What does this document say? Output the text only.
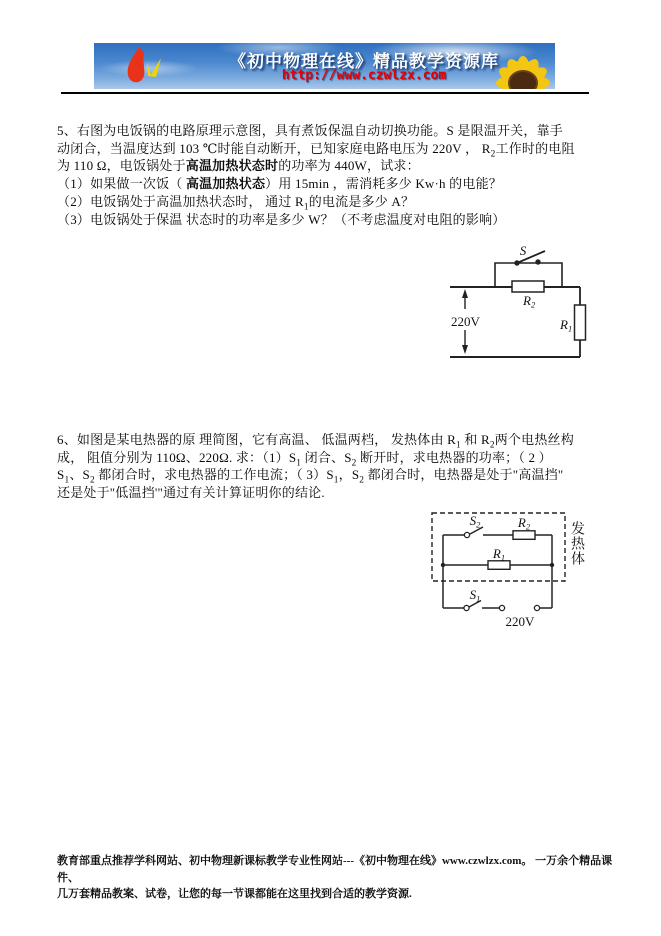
《初中物理在线》精品教学资源库
http://www.czwlzx.com
5、右图为电饭锅的电路原理示意图，具有煮饭保温自动切换功能。S 是限温开关，靠手
动闭合，当温度达到 103 ℃时能自动断开，已知家庭电路电压为 220V ， $R_2$工作时的电阻
为 110 Ω，电饭锅处于高温加热状态时的功率为 440W，试求：
（1）如果做一次饭（ 高温加热状态）用 15min ，需消耗多少 Kw·h 的电能？
（2）电饭锅处于高温加热状态时， 通过 $R_1$的电流是多少 A？
（3）电饭锅处于保温 状态时的功率是多少 W？（不考虑温度对电阻的影响）
S
R2
R1
220V
6、如图是某电热器的原 理简图，它有高温、 低温两档， 发热体由 $R_1$ 和 $R_2$两个电热丝构
成， 阻值分别为 110Ω、220Ω. 求：$(1)S_1$ 闭合、$S_2$ 断开时，求电热器的功率；（ 2 ）
$S_1$、$S_2$ 都闭合时，求电热器的工作电流；（ $3)S_1$，$S_2$ 都闭合时，电热器是处于"高温挡"
还是处于"低温挡'"通过有关计算证明你的结论.
S2	R2
R1
S1
220V
发热体
教育部重点推荐学科网站、初中物理新课标教学专业性网站---《初中物理在线》www.czwlzx.com。 一万余个精品课件、
几万套精品教案、试卷，让您的每一节课都能在这里找到合适的教学资源.
